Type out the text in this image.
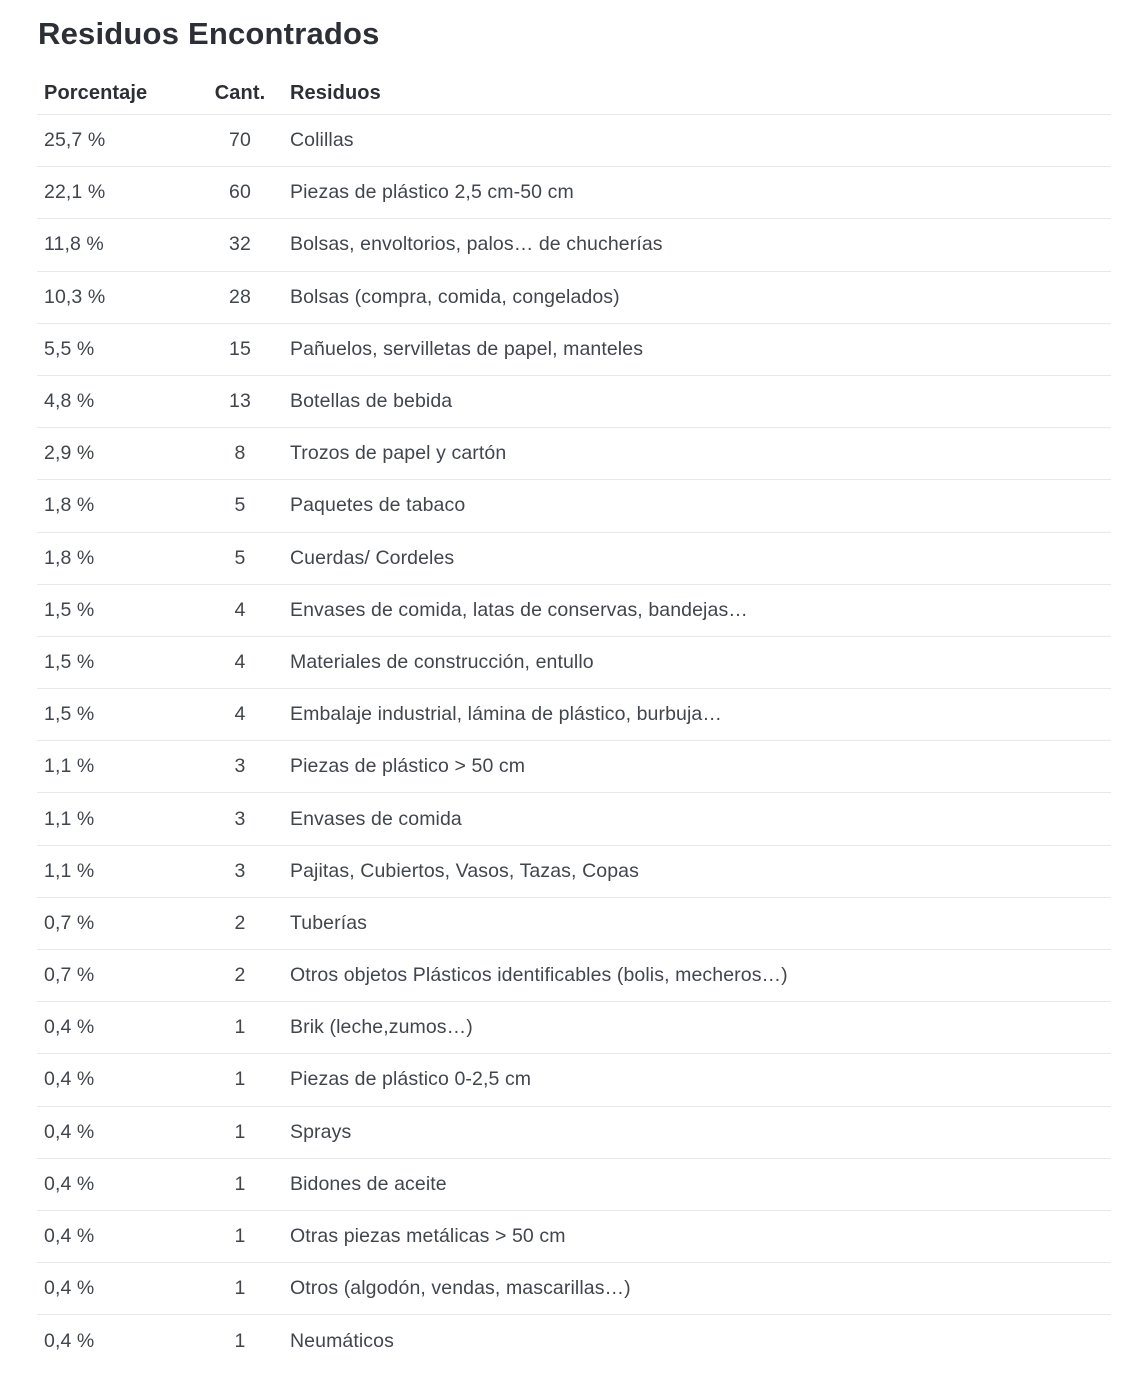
Residuos Encontrados
Porcentaje	Cant.	Residuos
25,7 %	70	Colillas
22,1 %	60	Piezas de plástico 2,5 cm-50 cm
11,8 %	32	Bolsas, envoltorios, palos… de chucherías
10,3 %	28	Bolsas (compra, comida, congelados)
5,5 %	15	Pañuelos, servilletas de papel, manteles
4,8 %	13	Botellas de bebida
2,9 %	8	Trozos de papel y cartón
1,8 %	5	Paquetes de tabaco
1,8 %	5	Cuerdas/ Cordeles
1,5 %	4	Envases de comida, latas de conservas, bandejas…
1,5 %	4	Materiales de construcción, entullo
1,5 %	4	Embalaje industrial, lámina de plástico, burbuja…
1,1 %	3	Piezas de plástico > 50 cm
1,1 %	3	Envases de comida
1,1 %	3	Pajitas, Cubiertos, Vasos, Tazas, Copas
0,7 %	2	Tuberías
0,7 %	2	Otros objetos Plásticos identificables (bolis, mecheros…)
0,4 %	1	Brik (leche,zumos…)
0,4 %	1	Piezas de plástico 0-2,5 cm
0,4 %	1	Sprays
0,4 %	1	Bidones de aceite
0,4 %	1	Otras piezas metálicas > 50 cm
0,4 %	1	Otros (algodón, vendas, mascarillas…)
0,4 %	1	Neumáticos
